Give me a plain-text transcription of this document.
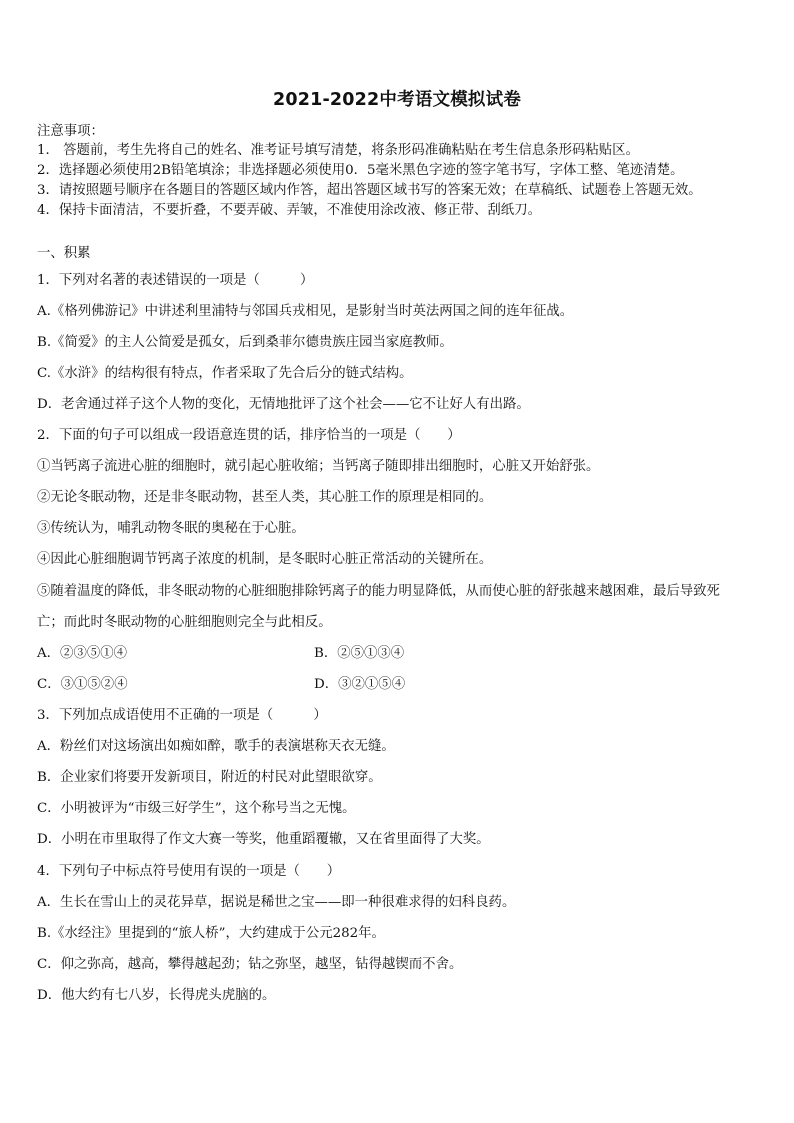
2021-2022中考语文模拟试卷
注意事项：
1． 答题前，考生先将自己的姓名、准考证号填写清楚，将条形码准确粘贴在考生信息条形码粘贴区。
2．选择题必须使用2B铅笔填涂；非选择题必须使用0．5毫米黑色字迹的签字笔书写，字体工整、笔迹清楚。
3．请按照题号顺序在各题目的答题区域内作答，超出答题区域书写的答案无效；在草稿纸、试题卷上答题无效。
4．保持卡面清洁，不要折叠，不要弄破、弄皱，不准使用涂改液、修正带、刮纸刀。
一、积累
1．下列对名著的表述错误的一项是（　　　）
A.《格列佛游记》中讲述利里浦特与邻国兵戎相见，是影射当时英法两国之间的连年征战。
B.《简爱》的主人公简爱是孤女，后到桑菲尔德贵族庄园当家庭教师。
C.《水浒》的结构很有特点，作者采取了先合后分的链式结构。
D．老舍通过祥子这个人物的变化，无情地批评了这个社会——它不让好人有出路。
2．下面的句子可以组成一段语意连贯的话，排序恰当的一项是（　　）
①当钙离子流进心脏的细胞时，就引起心脏收缩；当钙离子随即排出细胞时，心脏又开始舒张。
②无论冬眠动物，还是非冬眠动物，甚至人类，其心脏工作的原理是相同的。
③传统认为，哺乳动物冬眠的奥秘在于心脏。
④因此心脏细胞调节钙离子浓度的机制，是冬眠时心脏正常活动的关键所在。
⑤随着温度的降低，非冬眠动物的心脏细胞排除钙离子的能力明显降低，从而使心脏的舒张越来越困难，最后导致死
亡；而此时冬眠动物的心脏细胞则完全与此相反。
A．②③⑤①④	B．②⑤①③④
C．③①⑤②④	D．③②①⑤④
3．下列加点成语使用不正确的一项是（　　　）
A．粉丝们对这场演出如痴如醉，歌手的表演堪称天衣无缝。
B．企业家们将要开发新项目，附近的村民对此望眼欲穿。
C．小明被评为“市级三好学生”，这个称号当之无愧。
D．小明在市里取得了作文大赛一等奖，他重蹈覆辙，又在省里面得了大奖。
4．下列句子中标点符号使用有误的一项是（　　）
A．生长在雪山上的灵花异草，据说是稀世之宝——即一种很难求得的妇科良药。
B.《水经注》里提到的“旅人桥”，大约建成于公元282年。
C．仰之弥高，越高，攀得越起劲；钻之弥坚，越坚，钻得越锲而不舍。
D．他大约有七八岁，长得虎头虎脑的。
